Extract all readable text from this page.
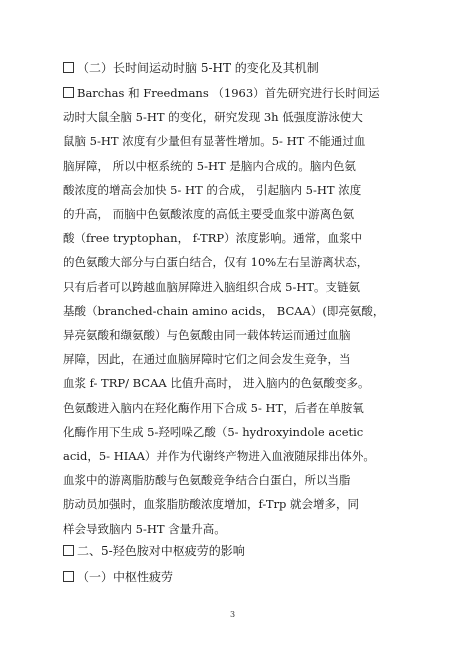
（二）长时间运动时脑 5-HT 的变化及其机制
Barchas 和 Freedmans （1963）首先研究进行长时间运
动时大鼠全脑 5-HT 的变化，研究发现 3h 低强度游泳使大
鼠脑 5-HT 浓度有少量但有显著性增加。5- HT 不能通过血
脑屏障， 所以中枢系统的 5-HT 是脑内合成的。脑内色氨
酸浓度的增高会加快 5- HT 的合成， 引起脑内 5-HT 浓度
的升高， 而脑中色氨酸浓度的高低主要受血浆中游离色氨
酸（free tryptophan， f-TRP）浓度影响。通常，血浆中
的色氨酸大部分与白蛋白结合，仅有 10%左右呈游离状态，
只有后者可以跨越血脑屏障进入脑组织合成 5-HT。支链氨
基酸（branched-chain amino acids， BCAA）(即亮氨酸，
异亮氨酸和缬氨酸）与色氨酸由同一载体转运而通过血脑
屏障，因此，在通过血脑屏障时它们之间会发生竞争，当
血浆 f- TRP/ BCAA 比值升高时， 进入脑内的色氨酸变多。
色氨酸进入脑内在羟化酶作用下合成 5- HT，后者在单胺氧
化酶作用下生成 5-羟吲哚乙酸（5- hydroxyindole acetic
acid，5- HIAA）并作为代谢终产物进入血液随尿排出体外。
血浆中的游离脂肪酸与色氨酸竞争结合白蛋白，所以当脂
肪动员加强时，血浆脂肪酸浓度增加，f-Trp 就会增多，同
样会导致脑内 5-HT 含量升高。
二、5-羟色胺对中枢疲劳的影响
（一）中枢性疲劳
3
